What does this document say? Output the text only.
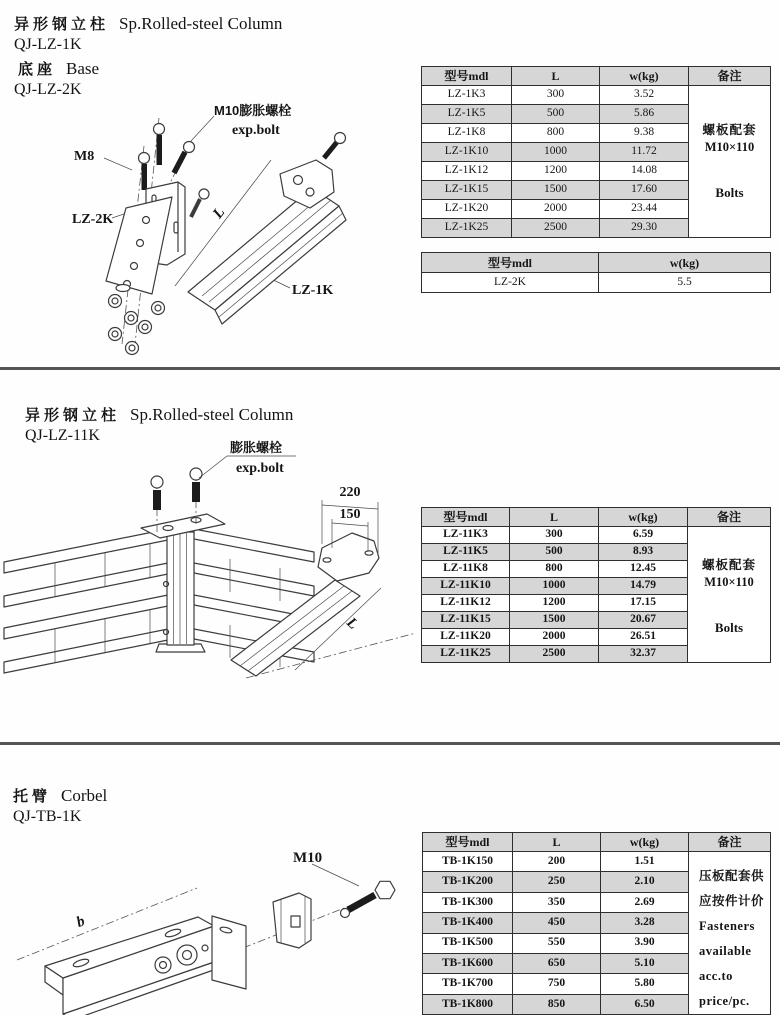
异形钢立柱 Sp.Rolled-steel Column
QJ-LZ-1K
底座 Base
QJ-LZ-2K
M10膨胀螺栓
exp.bolt
M8
LZ-2K	L
LZ-1K
型号mdl	L	w(kg)	备注
LZ-1K3	300	3.52	螺板配套
M10×110
Bolts

LZ-1K5	500	5.86	
LZ-1K8	800	9.38	
LZ-1K10	1000	11.72	
LZ-1K12	1200	14.08	
LZ-1K15	1500	17.60	
LZ-1K20	2000	23.44	
LZ-1K25	2500	29.30	
型号mdl	w(kg)
LZ-2K	5.5
异形钢立柱 Sp.Rolled-steel Column
QJ-LZ-11K
膨胀螺栓
exp.bolt
220
150
L
型号mdl	L	w(kg)	备注
LZ-11K3	300	6.59	螺板配套
M10×110
Bolts

LZ-11K5	500	8.93	
LZ-11K8	800	12.45	
LZ-11K10	1000	14.79	
LZ-11K12	1200	17.15	
LZ-11K15	1500	20.67	
LZ-11K20	2000	26.51	
LZ-11K25	2500	32.37	
托臂 Corbel
QJ-TB-1K
M10
b
型号mdl	L	w(kg)	备注
TB-1K150	200	1.51	
压板配套供
应按件计价
Fasteners
available
acc.to
price/pc.

TB-1K200	250	2.10	
TB-1K300	350	2.69	
TB-1K400	450	3.28	
TB-1K500	550	3.90	
TB-1K600	650	5.10	
TB-1K700	750	5.80	
TB-1K800	850	6.50	
